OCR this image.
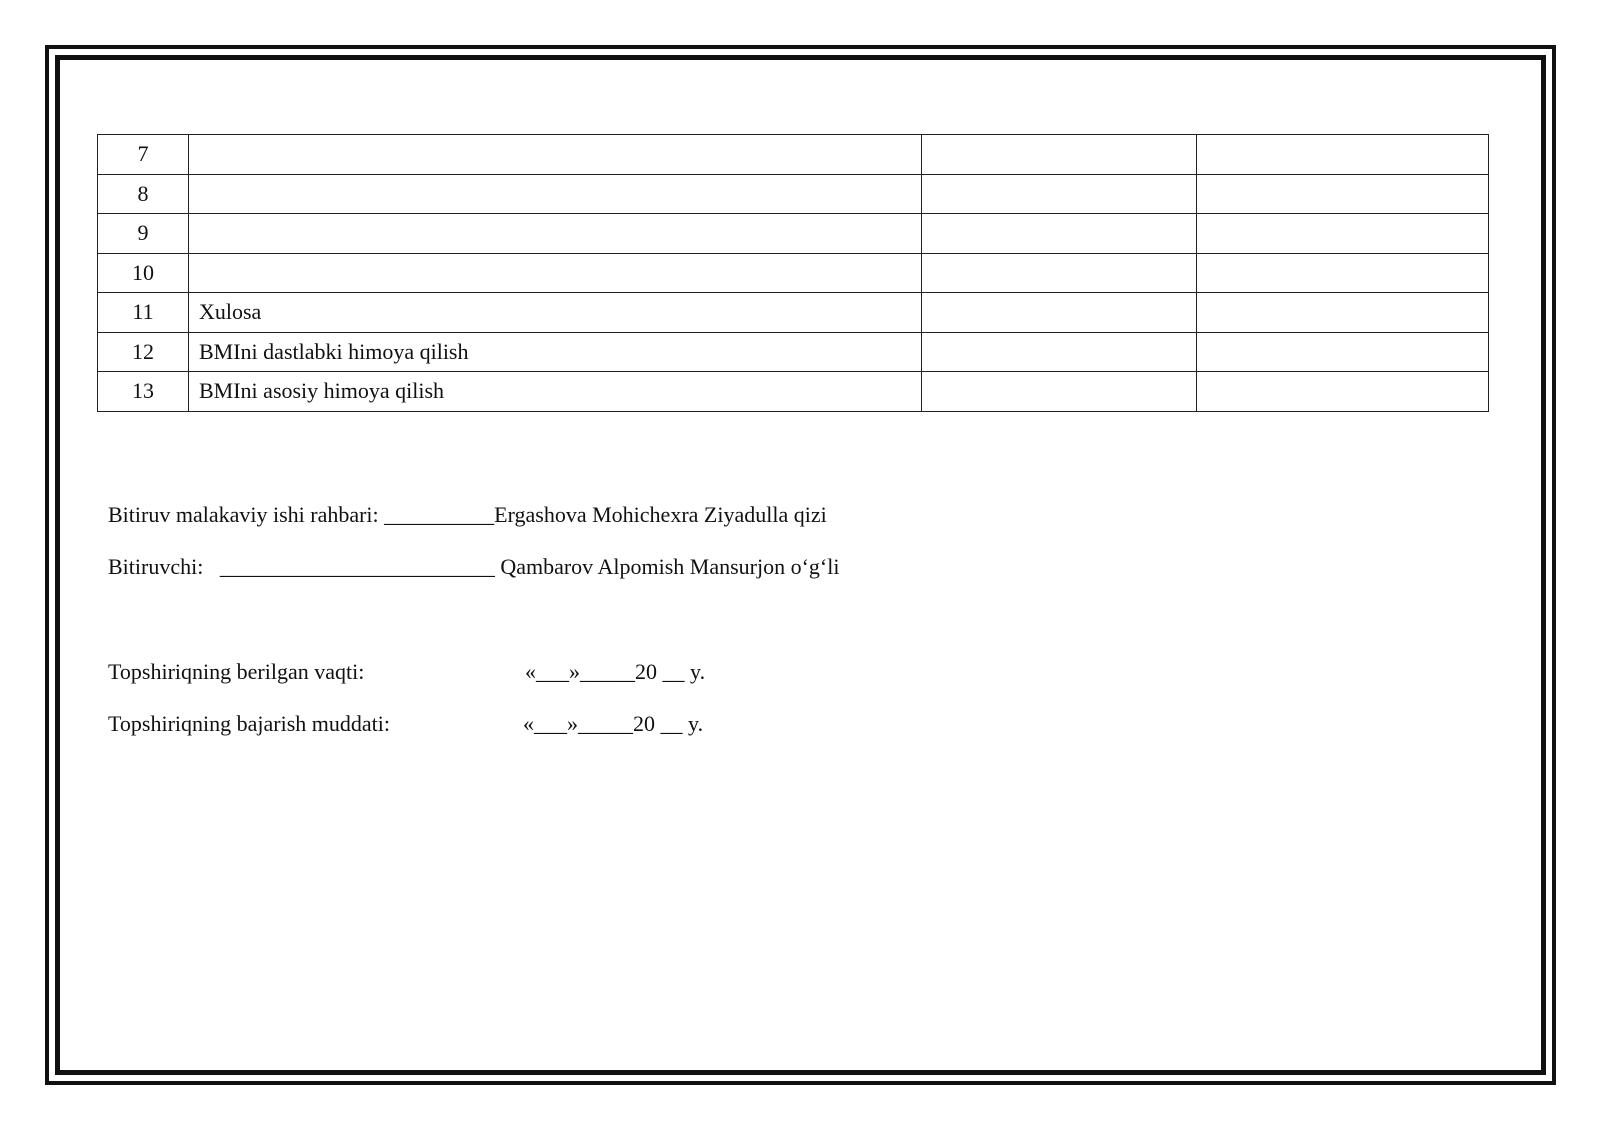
7			
8			
9			
10			
11	Xulosa		
12	BMIni dastlabki himoya qilish		
13	BMIni asosiy himoya qilish		
Bitiruv malakaviy ishi rahbari: __________Ergashova Mohichexra Ziyadulla qizi
Bitiruvchi:   _________________________ Qambarov Alpomish Mansurjon o‘g‘li
Topshiriqning berilgan vaqti:	«___»_____20 __ y.
Topshiriqning bajarish muddati:	«___»_____20 __ y.
